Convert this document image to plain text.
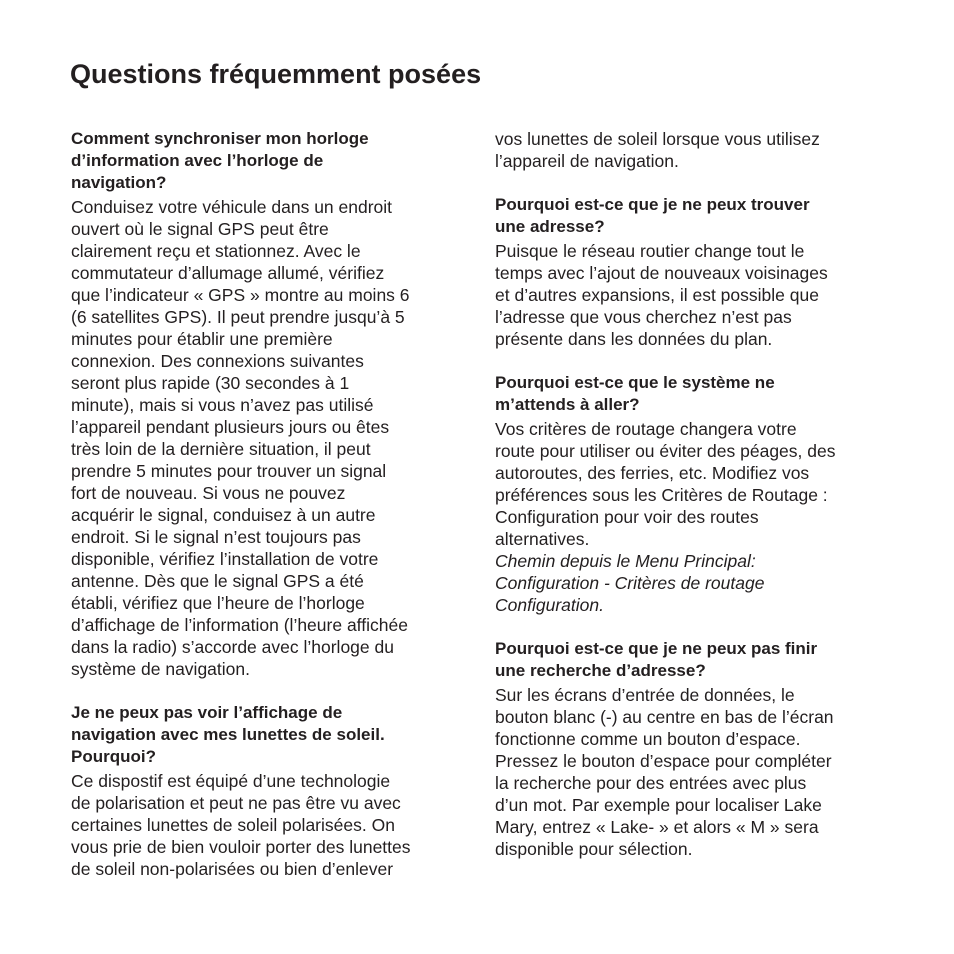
Questions fréquemment posées

Comment synchroniser mon horloge
d’information avec l’horloge de
navigation?

Conduisez votre véhicule dans un endroit
ouvert où le signal GPS peut être
clairement reçu et stationnez. Avec le
commutateur d’allumage allumé, vérifiez
que l’indicateur « GPS » montre au moins 6
(6 satellites GPS). Il peut prendre jusqu’à 5
minutes pour établir une première
connexion. Des connexions suivantes
seront plus rapide (30 secondes à 1
minute), mais si vous n’avez pas utilisé
l’appareil pendant plusieurs jours ou êtes
très loin de la dernière situation, il peut
prendre 5 minutes pour trouver un signal
fort de nouveau. Si vous ne pouvez
acquérir le signal, conduisez à un autre
endroit. Si le signal n’est toujours pas
disponible, vérifiez l’installation de votre
antenne. Dès que le signal GPS a été
établi, vérifiez que l’heure de l’horloge
d’affichage de l’information (l’heure affichée
dans la radio) s’accorde avec l’horloge du
système de navigation.

Je ne peux pas voir l’affichage de
navigation avec mes lunettes de soleil.
Pourquoi?

Ce dispostif est équipé d’une technologie
de polarisation et peut ne pas être vu avec
certaines lunettes de soleil polarisées. On
vous prie de bien vouloir porter des lunettes
de soleil non-polarisées ou bien d’enlever

vos lunettes de soleil lorsque vous utilisez
l’appareil de navigation.

Pourquoi est-ce que je ne peux trouver
une adresse?

Puisque le réseau routier change tout le
temps avec l’ajout de nouveaux voisinages
et d’autres expansions, il est possible que
l’adresse que vous cherchez n’est pas
présente dans les données du plan.

Pourquoi est-ce que le système ne
m’attends à aller?

Vos critères de routage changera votre
route pour utiliser ou éviter des péages, des
autoroutes, des ferries, etc. Modifiez vos
préférences sous les Critères de Routage :
Configuration pour voir des routes
alternatives.

Chemin depuis le Menu Principal:
Configuration - Critères de routage
Configuration.

Pourquoi est-ce que je ne peux pas finir
une recherche d’adresse?

Sur les écrans d’entrée de données, le
bouton blanc (-) au centre en bas de l’écran
fonctionne comme un bouton d’espace.
Pressez le bouton d’espace pour compléter
la recherche pour des entrées avec plus
d’un mot. Par exemple pour localiser Lake
Mary, entrez « Lake- » et alors « M » sera
disponible pour sélection.
